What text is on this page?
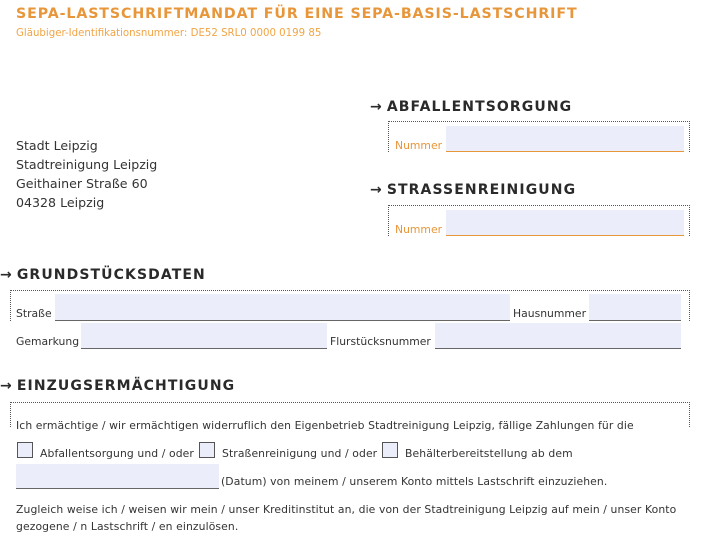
SEPA-LASTSCHRIFTMANDAT FÜR EINE SEPA-BASIS-LASTSCHRIFT
Gläubiger-Identifikationsnummer: DE52 SRL0 0000 0199 85
Stadt Leipzig
Stadtreinigung Leipzig
Geithainer Straße 60
04328 Leipzig
→ ABFALLENTSORGUNG
Nummer
→ STRASSENREINIGUNG
Nummer
→ GRUNDSTÜCKSDATEN
Straße	Hausnummer
Gemarkung	Flurstücksnummer
→ EINZUGSERMÄCHTIGUNG
Ich ermächtige / wir ermächtigen widerruflich den Eigenbetrieb Stadtreinigung Leipzig, fällige Zahlungen für die
Abfallentsorgung und / oder	Straßenreinigung und / oder	Behälterbereitstellung ab dem
(Datum) von meinem / unserem Konto mittels Lastschrift einzuziehen.
Zugleich weise ich / weisen wir mein / unser Kreditinstitut an, die von der Stadtreinigung Leipzig auf mein / unser Konto
gezogene / n Lastschrift / en einzulösen.
